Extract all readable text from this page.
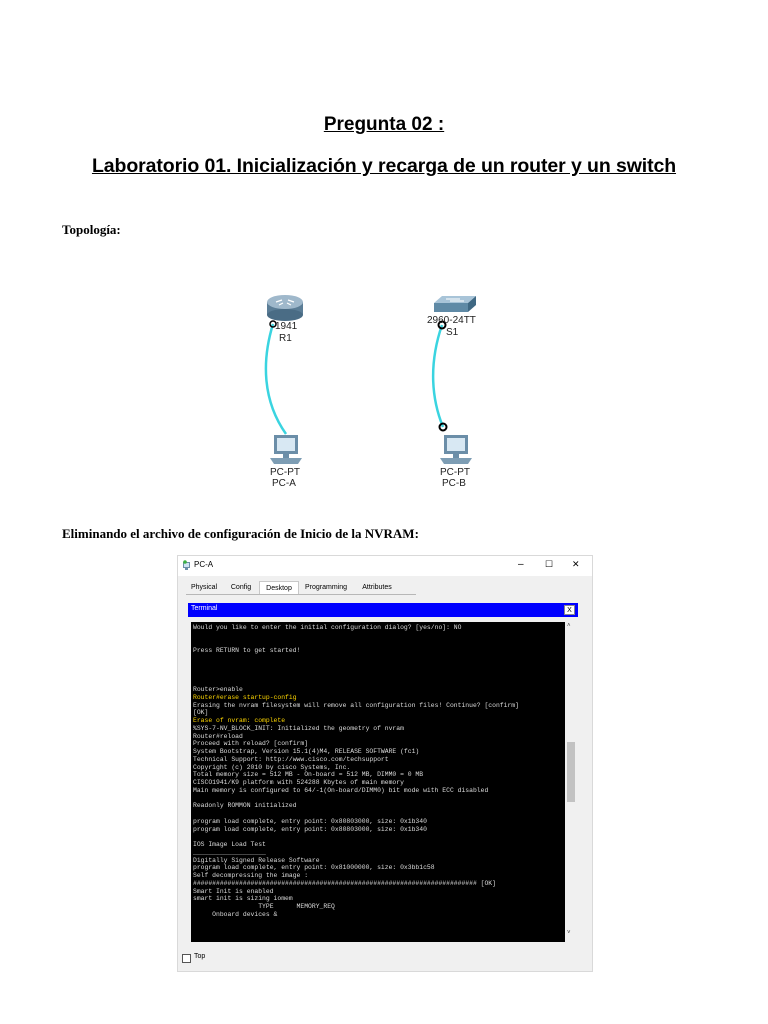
Pregunta 02 :
Laboratorio 01. Inicialización y recarga de un router y un switch
Topología:
1941
R1
2960-24TT
S1
PC-PT
PC-A
PC-PT
PC-B
Eliminando el archivo de configuración de Inicio de la NVRAM:
PC-A	– ☐ ✕
Physical	Config	Desktop	Programming	Attributes
Terminal	X
Would you like to enter the initial configuration dialog? [yes/no]: NO

Press RETURN to get started!

Router>enable
Router#erase startup-config
Erasing the nvram filesystem will remove all configuration files! Continue? [confirm]
[OK]
Erase of nvram: complete
%SYS-7-NV_BLOCK_INIT: Initialized the geometry of nvram
Router#reload
Proceed with reload? [confirm]
System Bootstrap, Version 15.1(4)M4, RELEASE SOFTWARE (fc1)
Technical Support: http://www.cisco.com/techsupport
Copyright (c) 2010 by cisco Systems, Inc.
Total memory size = 512 MB - On-board = 512 MB, DIMM0 = 0 MB
CISCO1941/K9 platform with 524288 Kbytes of main memory
Main memory is configured to 64/-1(On-board/DIMM0) bit mode with ECC disabled

Readonly ROMMON initialized

program load complete, entry point: 0x80803000, size: 0x1b340
program load complete, entry point: 0x80803000, size: 0x1b340

IOS Image Load Test
___________________
Digitally Signed Release Software
program load complete, entry point: 0x81000000, size: 0x3bb1c58
Self decompressing the image :
########################################################################## [OK]
Smart Init is enabled
smart init is sizing iomem
TYPE      MEMORY_REQ
Onboard devices &
˄
˅
Top
